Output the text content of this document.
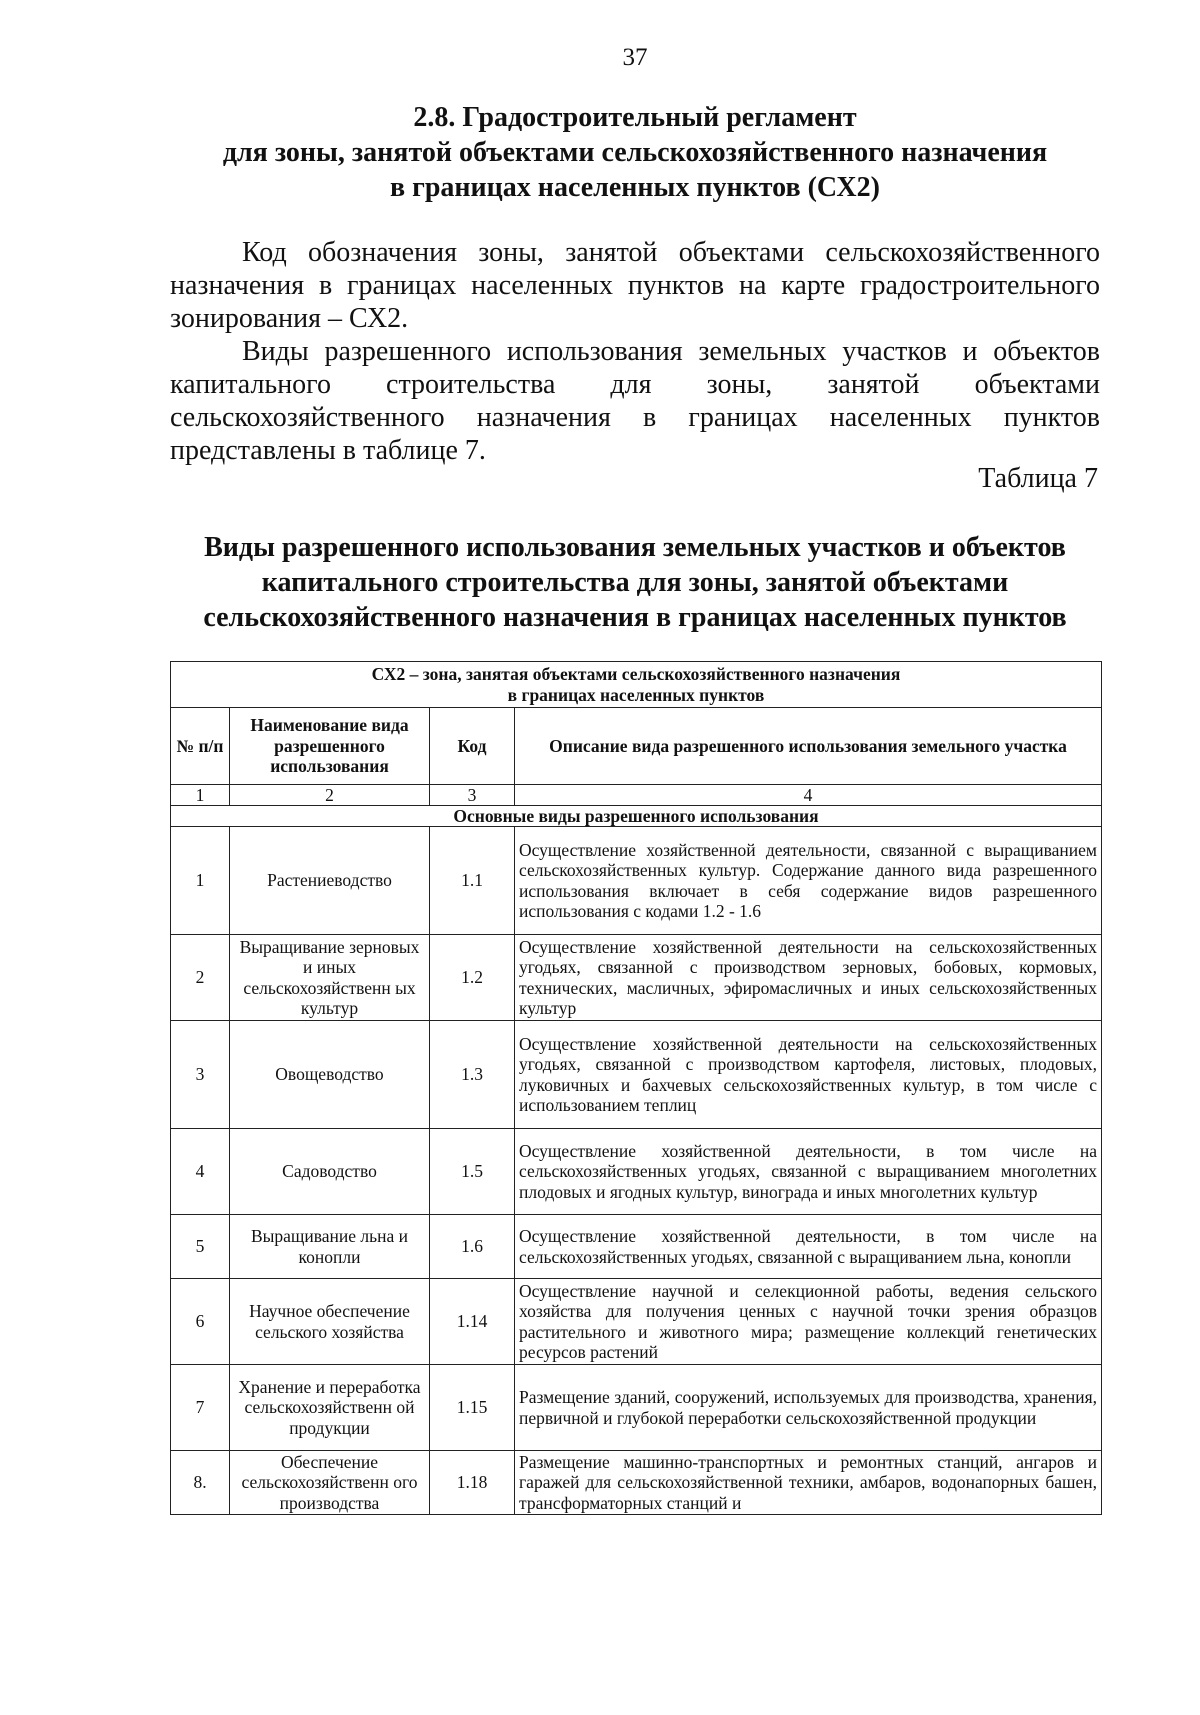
37
2.8. Градостроительный регламент
для зоны, занятой объектами сельскохозяйственного назначения
в границах населенных пунктов (СХ2)

Код обозначения зоны, занятой объектами сельскохозяйственного назначения в границах населенных пунктов на карте градостроительного зонирования – СХ2.

Виды разрешенного использования земельных участков и объектов капитального строительства для зоны, занятой объектами сельскохозяйственного назначения в границах населенных пунктов представлены в таблице 7.

Таблица 7
Виды разрешенного использования земельных участков и объектов
капитального строительства для зоны, занятой объектами
сельскохозяйственного назначения в границах населенных пунктов
СХ2 – зона, занятая объектами сельскохозяйственного назначения
в границах населенных пунктов			

№ п/п	Наименование вида разрешенного использования	Код	Описание вида разрешенного использования земельного участка
1	2	3	4
Основные виды разрешенного использования			
1	Растениеводство	1.1	Осуществление хозяйственной деятельности, связанной с выращиванием сельскохозяйственных культур. Содержание данного вида разрешенного использования включает в себя содержание видов разрешенного использования с кодами 1.2 - 1.6
2	Выращивание зерновых и иных сельскохозяйственн ых культур	1.2	Осуществление хозяйственной деятельности на сельскохозяйственных угодьях, связанной с производством зерновых, бобовых, кормовых, технических, масличных, эфиромасличных и иных сельскохозяйственных культур
3	Овощеводство	1.3	Осуществление хозяйственной деятельности на сельскохозяйственных угодьях, связанной с производством картофеля, листовых, плодовых, луковичных и бахчевых сельскохозяйственных культур, в том числе с использованием теплиц
4	Садоводство	1.5	Осуществление хозяйственной деятельности, в том числе на сельскохозяйственных угодьях, связанной с выращиванием многолетних плодовых и ягодных культур, винограда и иных многолетних культур
5	Выращивание льна и конопли	1.6	Осуществление хозяйственной деятельности, в том числе на сельскохозяйственных угодьях, связанной с выращиванием льна, конопли
6	Научное обеспечение сельского хозяйства	1.14	Осуществление научной и селекционной работы, ведения сельского хозяйства для получения ценных с научной точки зрения образцов растительного и животного мира; размещение коллекций генетических ресурсов растений
7	Хранение и переработка сельскохозяйственн ой продукции	1.15	Размещение зданий, сооружений, используемых для производства, хранения, первичной и глубокой переработки сельскохозяйственной продукции
8.	Обеспечение сельскохозяйственн ого производства	1.18	Размещение машинно-транспортных и ремонтных станций, ангаров и гаражей для сельскохозяйственной техники, амбаров, водонапорных башен, трансформаторных станций и
